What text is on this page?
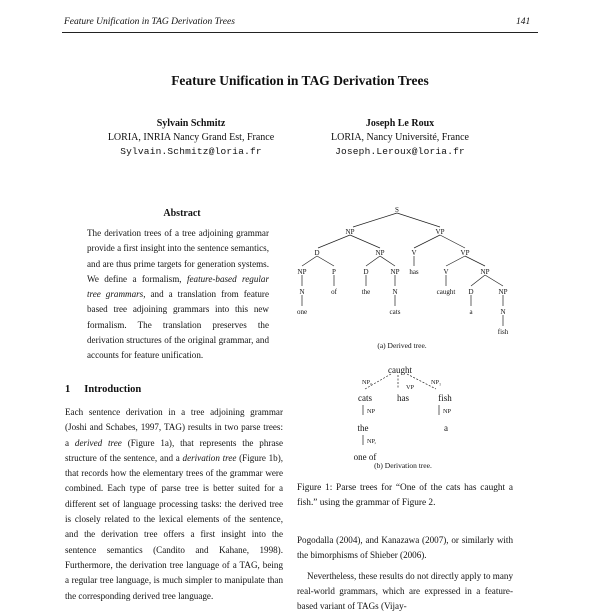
Feature Unification in TAG Derivation Trees	141
Feature Unification in TAG Derivation Trees
Sylvain Schmitz
LORIA, INRIA Nancy Grand Est, France
Sylvain.Schmitz@loria.fr
Joseph Le Roux
LORIA, Nancy Université, France
Joseph.Leroux@loria.fr
Abstract

The derivation trees of a tree adjoining grammar provide a first insight into the sentence semantics, and are thus prime targets for generation systems. We define a formalism, feature-based regular tree grammars, and a translation from feature based tree adjoining grammars into this new formalism. The translation preserves the derivation structures of the original grammar, and accounts for feature unification.

1 Introduction

Each sentence derivation in a tree adjoining grammar (Joshi and Schabes, 1997, TAG) results in two parse trees: a derived tree (Figure 1a), that represents the phrase structure of the sentence, and a derivation tree (Figure 1b), that records how the elementary trees of the grammar were combined. Each type of parse tree is better suited for a different set of language processing tasks: the derived tree is closely related to the lexical elements of the sentence, and the derivation tree offers a first insight into the sentence semantics (Candito and Kahane, 1998). Furthermore, the derivation tree language of a TAG, being a regular tree language, is much simpler to manipulate than the corresponding derived tree language.

S
NP	VP
D	NP	V	VP
NP	P	D	NP	V	NP
D	NP
N	N
N
one
of	the
has
caught
cats	a
fish
(a) Derived tree.
caught
cats	has	fish
the	a
one of
NP₀
VP
NP₁
NP	NP
NP,
(b) Derivation tree.
Figure 1: Parse trees for “One of the cats has caught a fish.” using the grammar of Figure 2.

Pogodalla (2004), and Kanazawa (2007), or similarly with the bimorphisms of Shieber (2006).

Nevertheless, these results do not directly apply to many real-world grammars, which are expressed in a feature-based variant of TAGs (Vijay-
